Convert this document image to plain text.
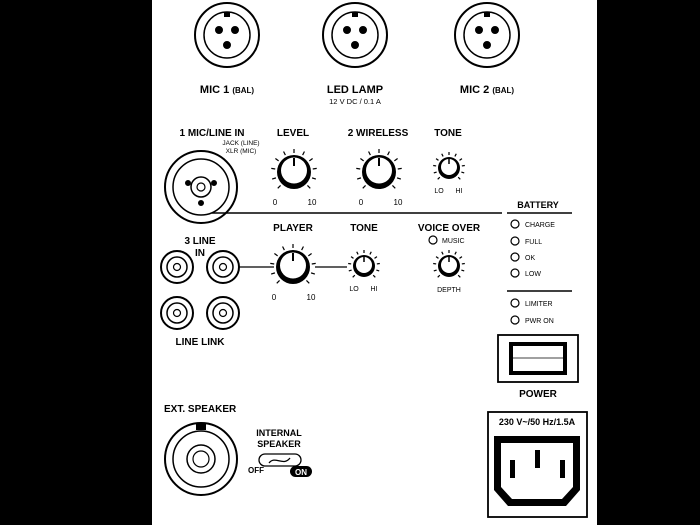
MIC 1 (BAL)	LED LAMP
12 V DC / 0.1 A
MIC 2 (BAL)
1 MIC/LINE IN
JACK (LINE)
XLR (MIC)
LEVEL
0	10
2 WIRELESS
0	10
TONE
LO HI
3 LINE
IN
LINE LINK
PLAYER
0	10
TONE
LO HI
VOICE OVER
MUSIC
DEPTH
BATTERY
CHARGE
FULL
OK
LOW
LIMITER
PWR ON
POWER
EXT. SPEAKER
INTERNAL
SPEAKER
OFF	ON
230 V~/50 Hz/1.5A
